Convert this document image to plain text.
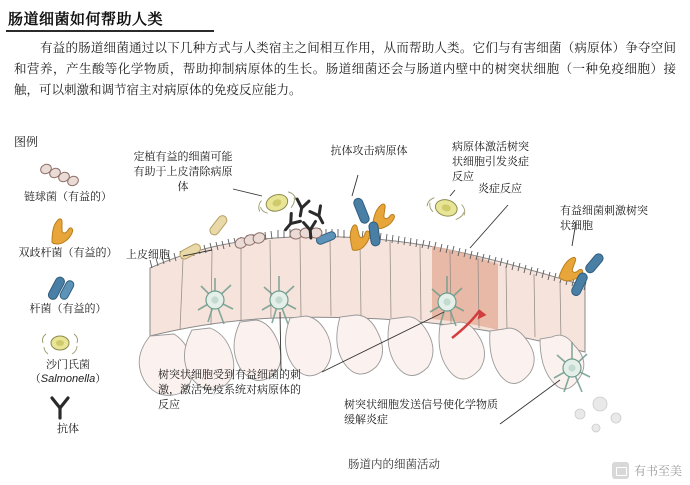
肠道细菌如何帮助人类
有益的肠道细菌通过以下几种方式与人类宿主之间相互作用，从而帮助人类。它们与有害细菌（病原体）争夺空间和营养，产生酸等化学物质，帮助抑制病原体的生长。肠道细菌还会与肠道内壁中的树突状细胞（一种免疫细胞）接触，可以刺激和调节宿主对病原体的免疫反应能力。
图例
链球菌（有益的）
双歧杆菌（有益的）
杆菌（有益的）
沙门氏菌
（Salmonella）
抗体
定植有益的细菌可能有助于上皮清除病原体
抗体攻击病原体	病原体激活树突状细胞引发炎症反应
炎症反应
有益细菌刺激树突状细胞
上皮细胞
树突状细胞受到有益细菌的刺激，激活免疫系统对病原体的反应	树突状细胞发送信号使化学物质缓解炎症
肠道内的细菌活动	有书至美
